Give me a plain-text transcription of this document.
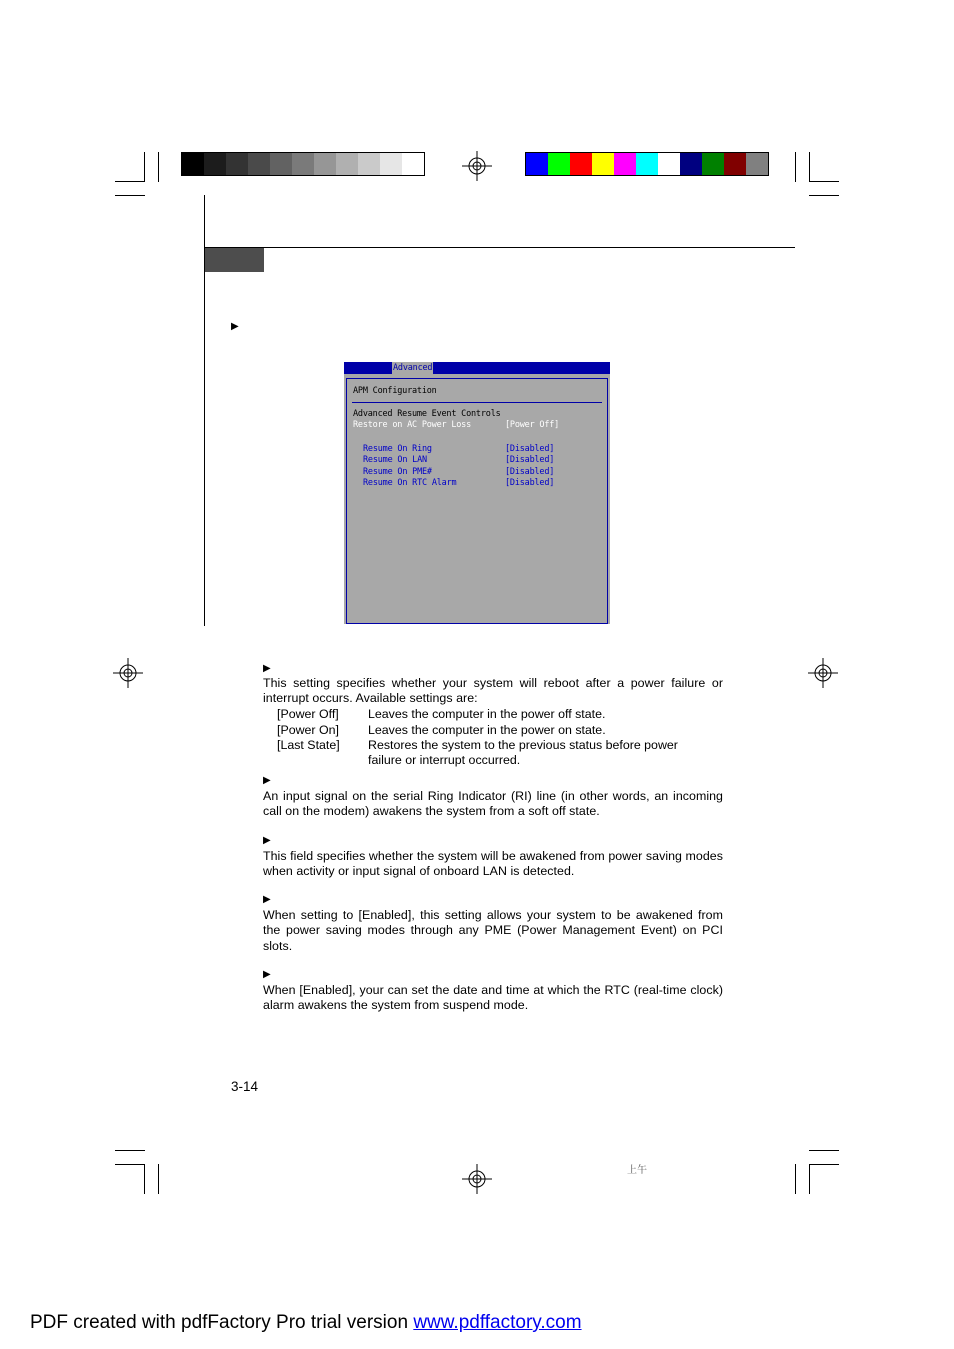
▶
Advanced
APM Configuration
Advanced Resume Event Controls
Restore on AC Power Loss	[Power Off]
Resume On Ring	[Disabled]
Resume On LAN	[Disabled]
Resume On PME#	[Disabled]
Resume On RTC Alarm	[Disabled]
▶
This setting specifies whether your system will reboot after a power failure or interrupt occurs. Available settings are:
[Power Off] Leaves the computer in the power off state.
[Power On] Leaves the computer in the power on state.
[Last State] Restores the system to the previous status before power
failure or interrupt occurred.
▶
An input signal on the serial Ring Indicator (RI) line (in other words, an incoming call on the modem) awakens the system from a soft off state.
▶
This field specifies whether the system will be awakened from power saving modes when activity or input signal of onboard LAN is detected.
▶
When setting to [Enabled], this setting allows your system to be awakened from the power saving modes through any PME (Power Management Event) on PCI slots.
▶
When [Enabled], your can set the date and time at which the RTC (real-time clock) alarm awakens the system from suspend mode.
3-14
上午
PDF created with pdfFactory Pro trial version www.pdffactory.com
